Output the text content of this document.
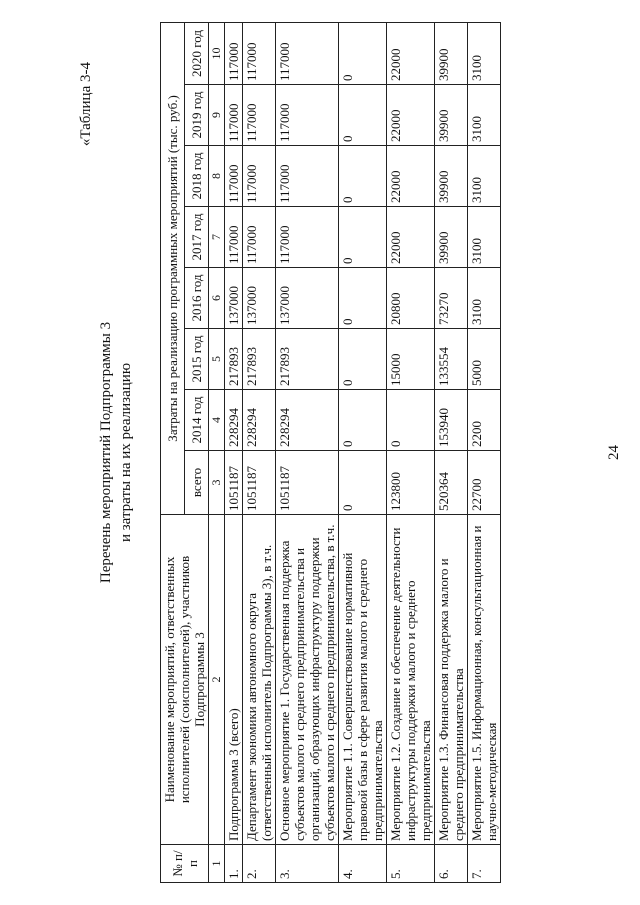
24
«Таблица 3-4
Перечень мероприятий Подпрограммы 3 и затраты на их реализацию
№ п/п	Наименование мероприятий, ответственных исполнителей (соисполнителей), участников Подпрограммы 3	Затраты на реализацию программных мероприятий (тыс. руб.)							
		всего	2014 год	2015 год	2016 год	2017 год	2018 год	2019 год	2020 год
1	2	3	4	5	6	7	8	9	10
1.	Подпрограмма 3 (всего)	1051187	228294	217893	137000	117000	117000	117000	117000
2.	Департамент экономики автономного округа (ответственный исполнитель Подпрограммы 3), в т.ч.	1051187	228294	217893	137000	117000	117000	117000	117000
3.	Основное мероприятие 1. Государственная поддержка субъектов малого и среднего предпринимательства и организаций, образующих инфраструктуру поддержки субъектов малого и среднего предпринимательства, в т.ч.	1051187	228294	217893	137000	117000	117000	117000	117000
4.	Мероприятие 1.1. Совершенствование нормативной правовой базы в сфере развития малого и среднего предпринимательства	0	0	0	0	0	0	0	0
5.	Мероприятие 1.2. Создание и обеспечение деятельности инфраструктуры поддержки малого и среднего предпринимательства	123800	0	15000	20800	22000	22000	22000	22000
6.	Мероприятие 1.3. Финансовая поддержка малого и среднего предпринимательства	520364	153940	133554	73270	39900	39900	39900	39900
7.	Мероприятие 1.5. Информационная, консультационная и научно-методическая	22700	2200	5000	3100	3100	3100	3100	3100
